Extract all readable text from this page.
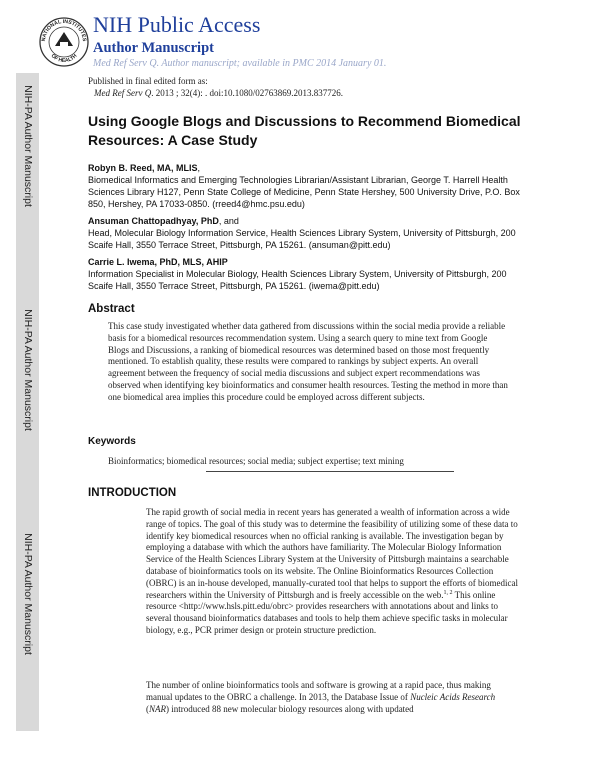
NIH-PA Author Manuscript
NIH-PA Author Manuscript
NIH-PA Author Manuscript
NATIONAL INSTITUTES
OF HEALTH
NIH Public Access
Author Manuscript
Med Ref Serv Q. Author manuscript; available in PMC 2014 January 01.
Published in final edited form as:
Med Ref Serv Q. 2013 ; 32(4): . doi:10.1080/02763869.2013.837726.
Using Google Blogs and Discussions to Recommend Biomedical Resources: A Case Study
Robyn B. Reed, MA, MLIS,
Biomedical Informatics and Emerging Technologies Librarian/Assistant Librarian, George T. Harrell Health Sciences Library H127, Penn State College of Medicine, Penn State Hershey, 500 University Drive, P.O. Box 850, Hershey, PA 17033-0850. (rreed4@hmc.psu.edu)
Ansuman Chattopadhyay, PhD, and
Head, Molecular Biology Information Service, Health Sciences Library System, University of Pittsburgh, 200 Scaife Hall, 3550 Terrace Street, Pittsburgh, PA 15261. (ansuman@pitt.edu)
Carrie L. Iwema, PhD, MLS, AHIP
Information Specialist in Molecular Biology, Health Sciences Library System, University of Pittsburgh, 200 Scaife Hall, 3550 Terrace Street, Pittsburgh, PA 15261. (iwema@pitt.edu)
Abstract
This case study investigated whether data gathered from discussions within the social media provide a reliable basis for a biomedical resources recommendation system. Using a search query to mine text from Google Blogs and Discussions, a ranking of biomedical resources was determined based on those most frequently mentioned. To establish quality, these results were compared to rankings by subject experts. An overall agreement between the frequency of social media discussions and subject expert recommendations was observed when identifying key bioinformatics and consumer health resources. Testing the method in more than one biomedical area implies this procedure could be employed across different subjects.
Keywords
Bioinformatics; biomedical resources; social media; subject expertise; text mining
INTRODUCTION
The rapid growth of social media in recent years has generated a wealth of information across a wide range of topics. The goal of this study was to determine the feasibility of utilizing some of these data to identify key biomedical resources when no official ranking is available. The investigation began by employing a database with which the authors have familiarity. The Molecular Biology Information Service of the Health Sciences Library System at the University of Pittsburgh maintains a searchable database of bioinformatics tools on its website. The Online Bioinformatics Resources Collection (OBRC) is an in-house developed, manually-curated tool that helps to support the efforts of biomedical researchers within the University of Pittsburgh and is freely accessible on the web.$^{1, 2}$ This online resource <http://www.hsls.pitt.edu/obrc> provides researchers with annotations about and links to several thousand bioinformatics databases and tools to help them achieve specific tasks in molecular biology, e.g., PCR primer design or protein structure prediction.
The number of online bioinformatics tools and software is growing at a rapid pace, thus making manual updates to the OBRC a challenge. In 2013, the Database Issue of Nucleic Acids Research (NAR) introduced 88 new molecular biology resources along with updated
